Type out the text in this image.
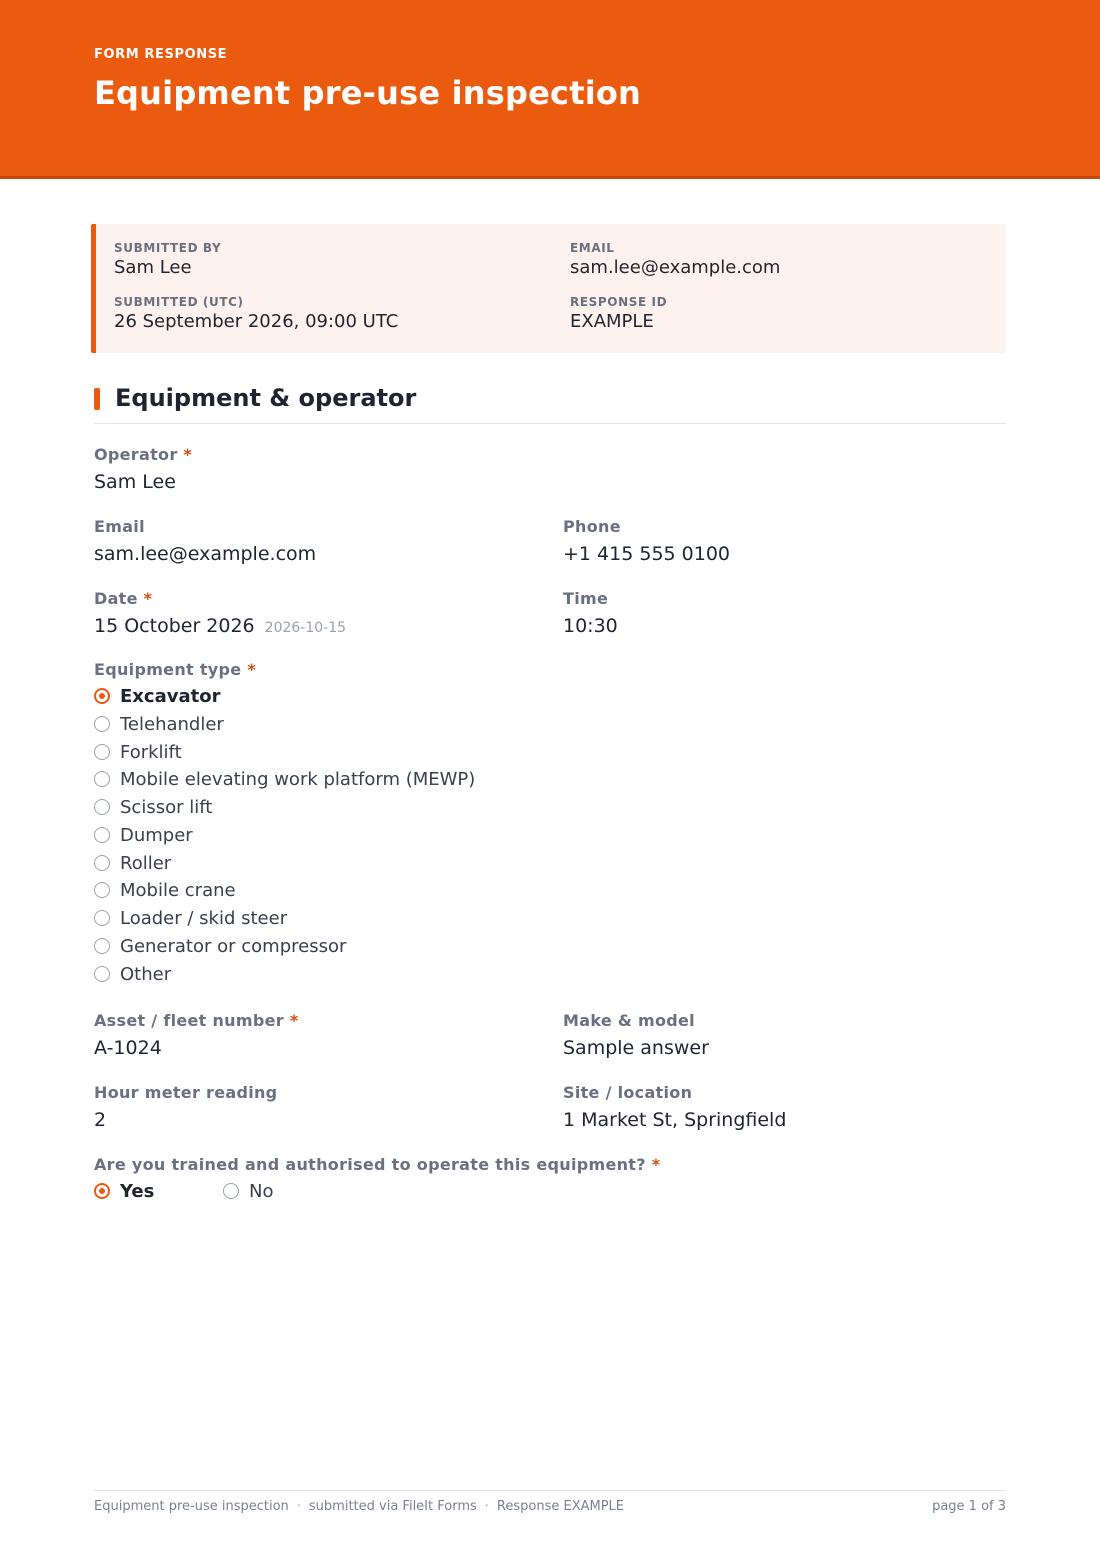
FORM RESPONSE
Equipment pre-use inspection
SUBMITTED BY
Sam Lee
EMAIL
sam.lee@example.com
SUBMITTED (UTC)
26 September 2026, 09:00 UTC
RESPONSE ID
EXAMPLE
Equipment & operator
Operator *
Sam Lee
Email
sam.lee@example.com
Phone
+1 415 555 0100
Date *
15 October 2026 2026-10-15
Time
10:30
Equipment type *
Excavator
Telehandler
Forklift
Mobile elevating work platform (MEWP)
Scissor lift
Dumper
Roller
Mobile crane
Loader / skid steer
Generator or compressor
Other
Asset / fleet number *
A-1024
Make & model
Sample answer
Hour meter reading
2
Site / location
1 Market St, Springfield
Are you trained and authorised to operate this equipment? *
Yes	No
Equipment pre-use inspection · submitted via FileIt Forms · Response EXAMPLE	page 1 of 3
